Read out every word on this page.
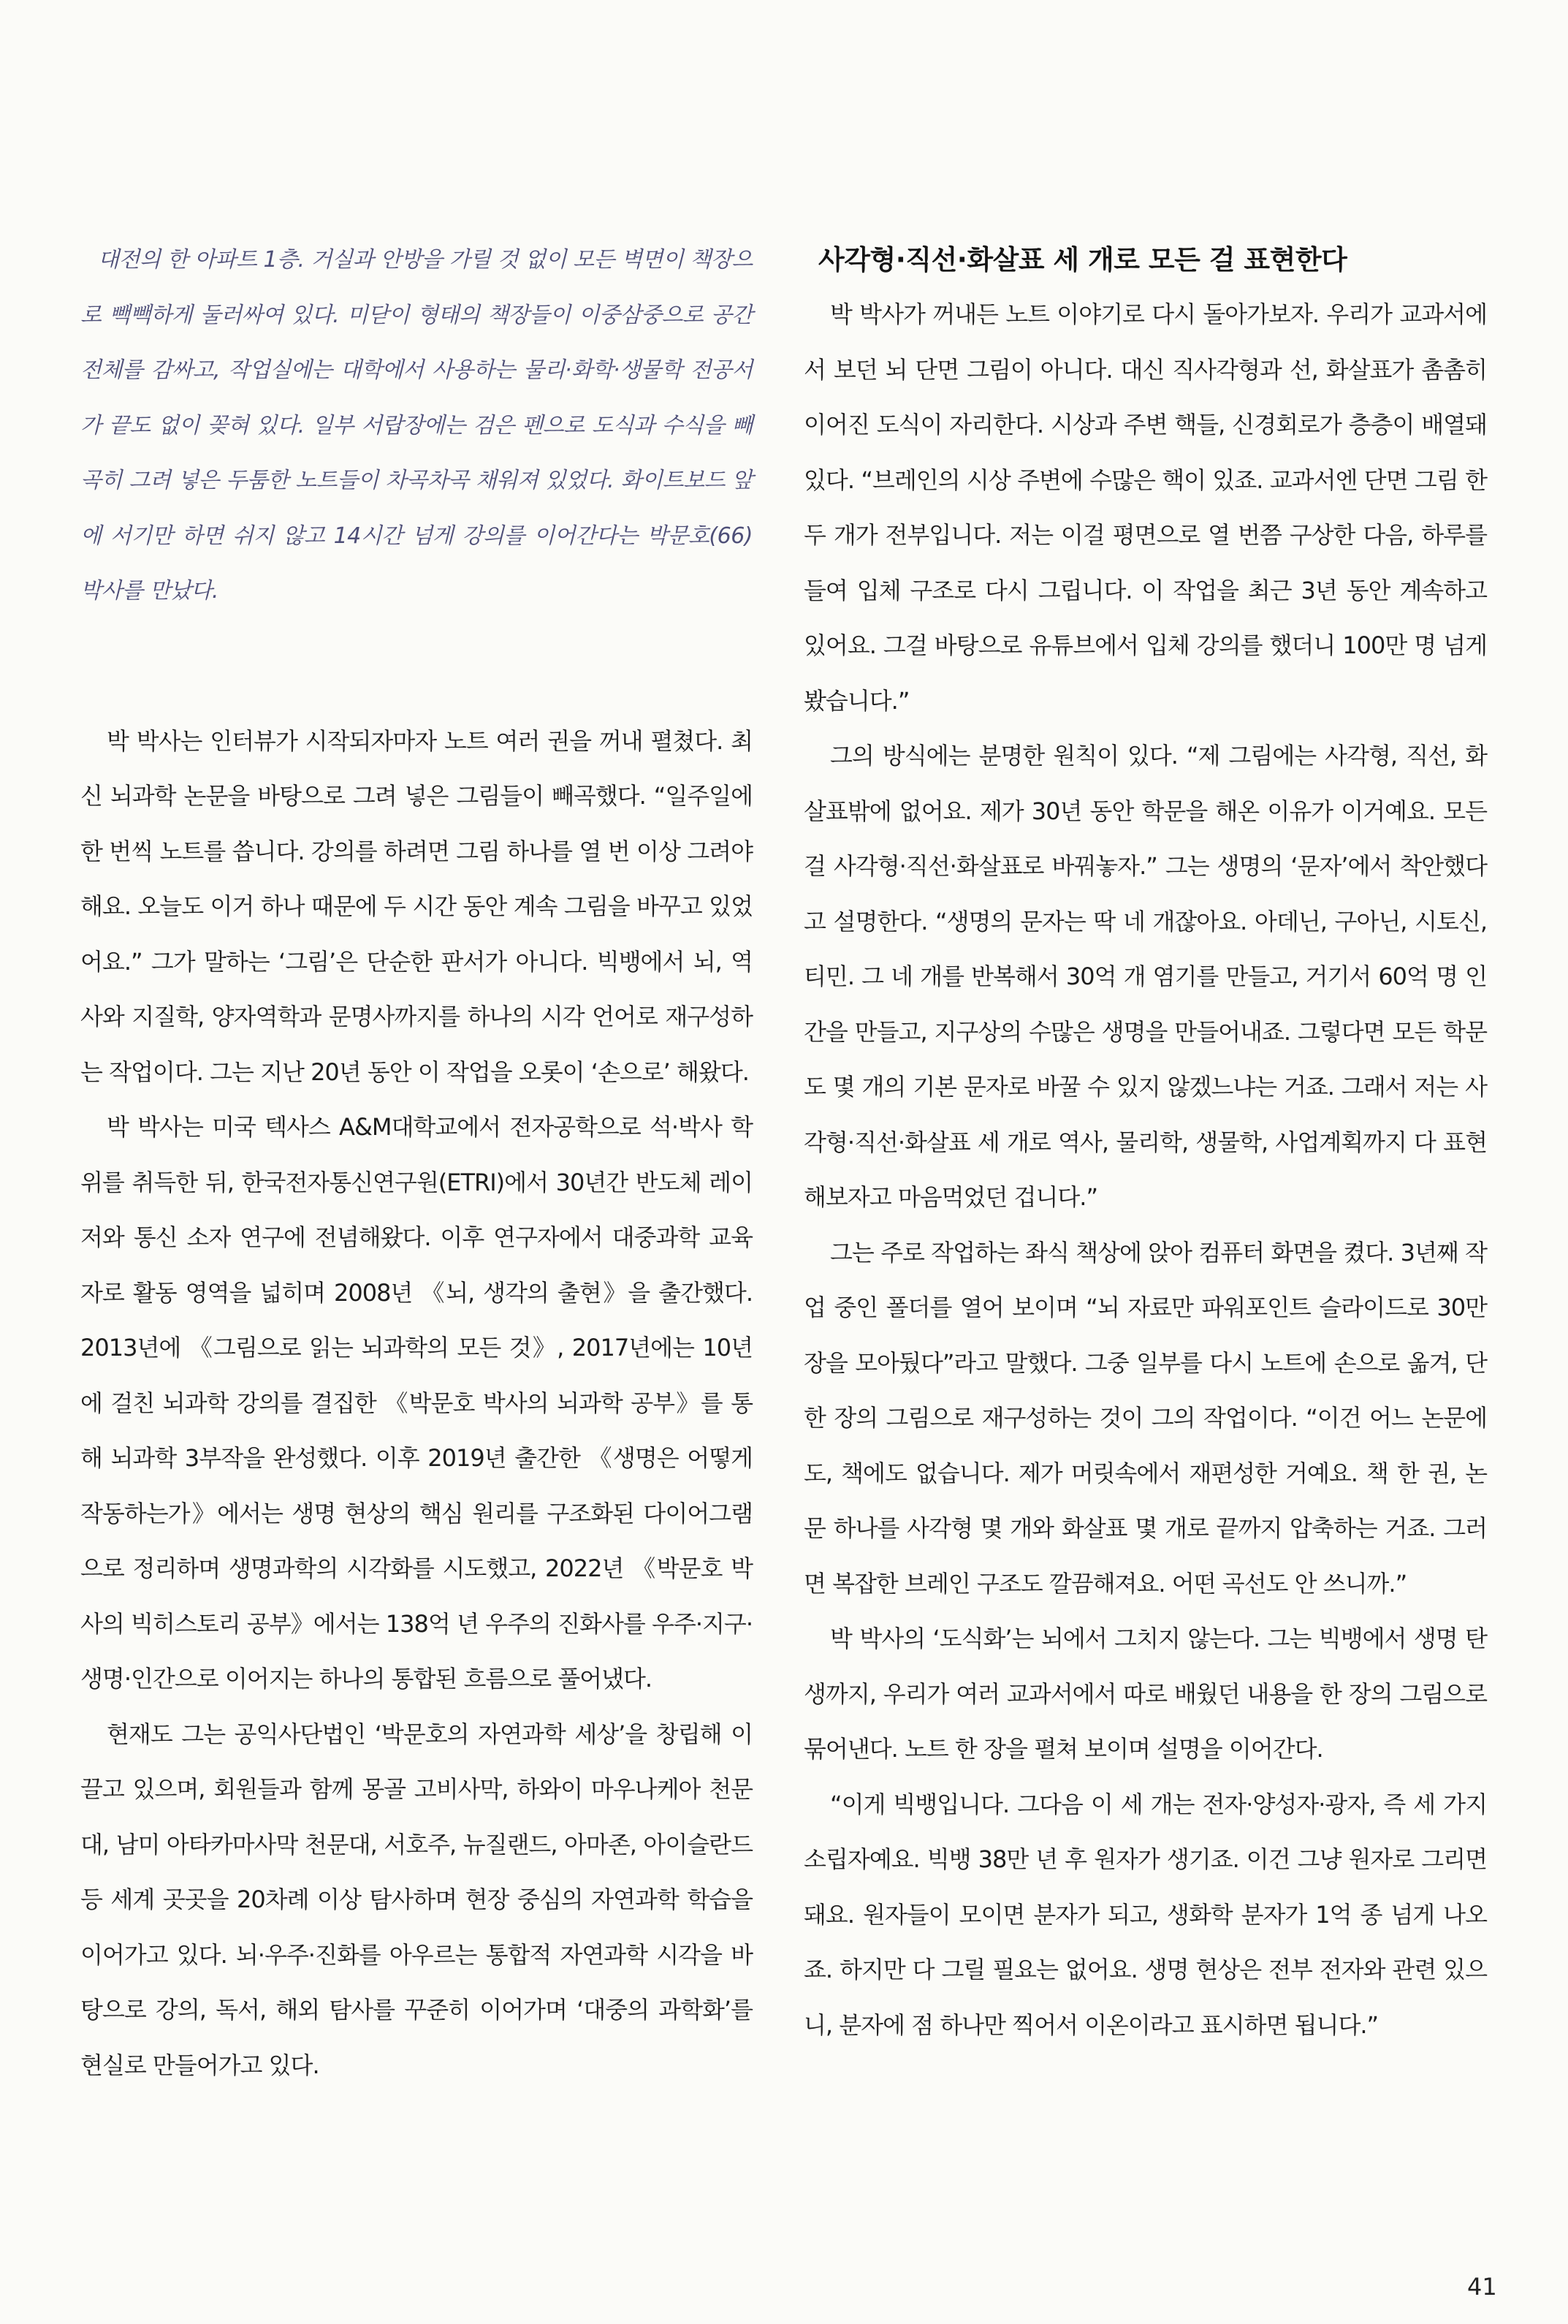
대전의 한 아파트 1층. 거실과 안방을 가릴 것 없이 모든 벽면이 책장으로 빽빽하게 둘러싸여 있다. 미닫이 형태의 책장들이 이중삼중으로 공간 전체를 감싸고, 작업실에는 대학에서 사용하는 물리·화학·생물학 전공서가 끝도 없이 꽂혀 있다. 일부 서랍장에는 검은 펜으로 도식과 수식을 빼곡히 그려 넣은 두툼한 노트들이 차곡차곡 채워져 있었다. 화이트보드 앞에 서기만 하면 쉬지 않고 14시간 넘게 강의를 이어간다는 박문호(66) 박사를 만났다.

박 박사는 인터뷰가 시작되자마자 노트 여러 권을 꺼내 펼쳤다. 최신 뇌과학 논문을 바탕으로 그려 넣은 그림들이 빼곡했다. “일주일에 한 번씩 노트를 씁니다. 강의를 하려면 그림 하나를 열 번 이상 그려야 해요. 오늘도 이거 하나 때문에 두 시간 동안 계속 그림을 바꾸고 있었어요.” 그가 말하는 ‘그림’은 단순한 판서가 아니다. 빅뱅에서 뇌, 역사와 지질학, 양자역학과 문명사까지를 하나의 시각 언어로 재구성하는 작업이다. 그는 지난 20년 동안 이 작업을 오롯이 ‘손으로’ 해왔다.

박 박사는 미국 텍사스 A&M대학교에서 전자공학으로 석·박사 학위를 취득한 뒤, 한국전자통신연구원(ETRI)에서 30년간 반도체 레이저와 통신 소자 연구에 전념해왔다. 이후 연구자에서 대중과학 교육자로 활동 영역을 넓히며 2008년 《뇌, 생각의 출현》을 출간했다. 2013년에 《그림으로 읽는 뇌과학의 모든 것》, 2017년에는 10년에 걸친 뇌과학 강의를 결집한 《박문호 박사의 뇌과학 공부》를 통해 뇌과학 3부작을 완성했다. 이후 2019년 출간한 《생명은 어떻게 작동하는가》에서는 생명 현상의 핵심 원리를 구조화된 다이어그램으로 정리하며 생명과학의 시각화를 시도했고, 2022년 《박문호 박사의 빅히스토리 공부》에서는 138억 년 우주의 진화사를 우주·지구·생명·인간으로 이어지는 하나의 통합된 흐름으로 풀어냈다.

현재도 그는 공익사단법인 ‘박문호의 자연과학 세상’을 창립해 이끌고 있으며, 회원들과 함께 몽골 고비사막, 하와이 마우나케아 천문대, 남미 아타카마사막 천문대, 서호주, 뉴질랜드, 아마존, 아이슬란드 등 세계 곳곳을 20차례 이상 탐사하며 현장 중심의 자연과학 학습을 이어가고 있다. 뇌·우주·진화를 아우르는 통합적 자연과학 시각을 바탕으로 강의, 독서, 해외 탐사를 꾸준히 이어가며 ‘대중의 과학화’를 현실로 만들어가고 있다.

사각형·직선·화살표 세 개로 모든 걸 표현한다

박 박사가 꺼내든 노트 이야기로 다시 돌아가보자. 우리가 교과서에서 보던 뇌 단면 그림이 아니다. 대신 직사각형과 선, 화살표가 촘촘히 이어진 도식이 자리한다. 시상과 주변 핵들, 신경회로가 층층이 배열돼 있다. “브레인의 시상 주변에 수많은 핵이 있죠. 교과서엔 단면 그림 한두 개가 전부입니다. 저는 이걸 평면으로 열 번쯤 구상한 다음, 하루를 들여 입체 구조로 다시 그립니다. 이 작업을 최근 3년 동안 계속하고 있어요. 그걸 바탕으로 유튜브에서 입체 강의를 했더니 100만 명 넘게 봤습니다.”

그의 방식에는 분명한 원칙이 있다. “제 그림에는 사각형, 직선, 화살표밖에 없어요. 제가 30년 동안 학문을 해온 이유가 이거예요. 모든 걸 사각형·직선·화살표로 바꿔놓자.” 그는 생명의 ‘문자’에서 착안했다고 설명한다. “생명의 문자는 딱 네 개잖아요. 아데닌, 구아닌, 시토신, 티민. 그 네 개를 반복해서 30억 개 염기를 만들고, 거기서 60억 명 인간을 만들고, 지구상의 수많은 생명을 만들어내죠. 그렇다면 모든 학문도 몇 개의 기본 문자로 바꿀 수 있지 않겠느냐는 거죠. 그래서 저는 사각형·직선·화살표 세 개로 역사, 물리학, 생물학, 사업계획까지 다 표현해보자고 마음먹었던 겁니다.”

그는 주로 작업하는 좌식 책상에 앉아 컴퓨터 화면을 켰다. 3년째 작업 중인 폴더를 열어 보이며 “뇌 자료만 파워포인트 슬라이드로 30만 장을 모아뒀다”라고 말했다. 그중 일부를 다시 노트에 손으로 옮겨, 단 한 장의 그림으로 재구성하는 것이 그의 작업이다. “이건 어느 논문에도, 책에도 없습니다. 제가 머릿속에서 재편성한 거예요. 책 한 권, 논문 하나를 사각형 몇 개와 화살표 몇 개로 끝까지 압축하는 거죠. 그러면 복잡한 브레인 구조도 깔끔해져요. 어떤 곡선도 안 쓰니까.”

박 박사의 ‘도식화’는 뇌에서 그치지 않는다. 그는 빅뱅에서 생명 탄생까지, 우리가 여러 교과서에서 따로 배웠던 내용을 한 장의 그림으로 묶어낸다. 노트 한 장을 펼쳐 보이며 설명을 이어간다.

“이게 빅뱅입니다. 그다음 이 세 개는 전자·양성자·광자, 즉 세 가지 소립자예요. 빅뱅 38만 년 후 원자가 생기죠. 이건 그냥 원자로 그리면 돼요. 원자들이 모이면 분자가 되고, 생화학 분자가 1억 종 넘게 나오죠. 하지만 다 그릴 필요는 없어요. 생명 현상은 전부 전자와 관련 있으니, 분자에 점 하나만 찍어서 이온이라고 표시하면 됩니다.”

41
